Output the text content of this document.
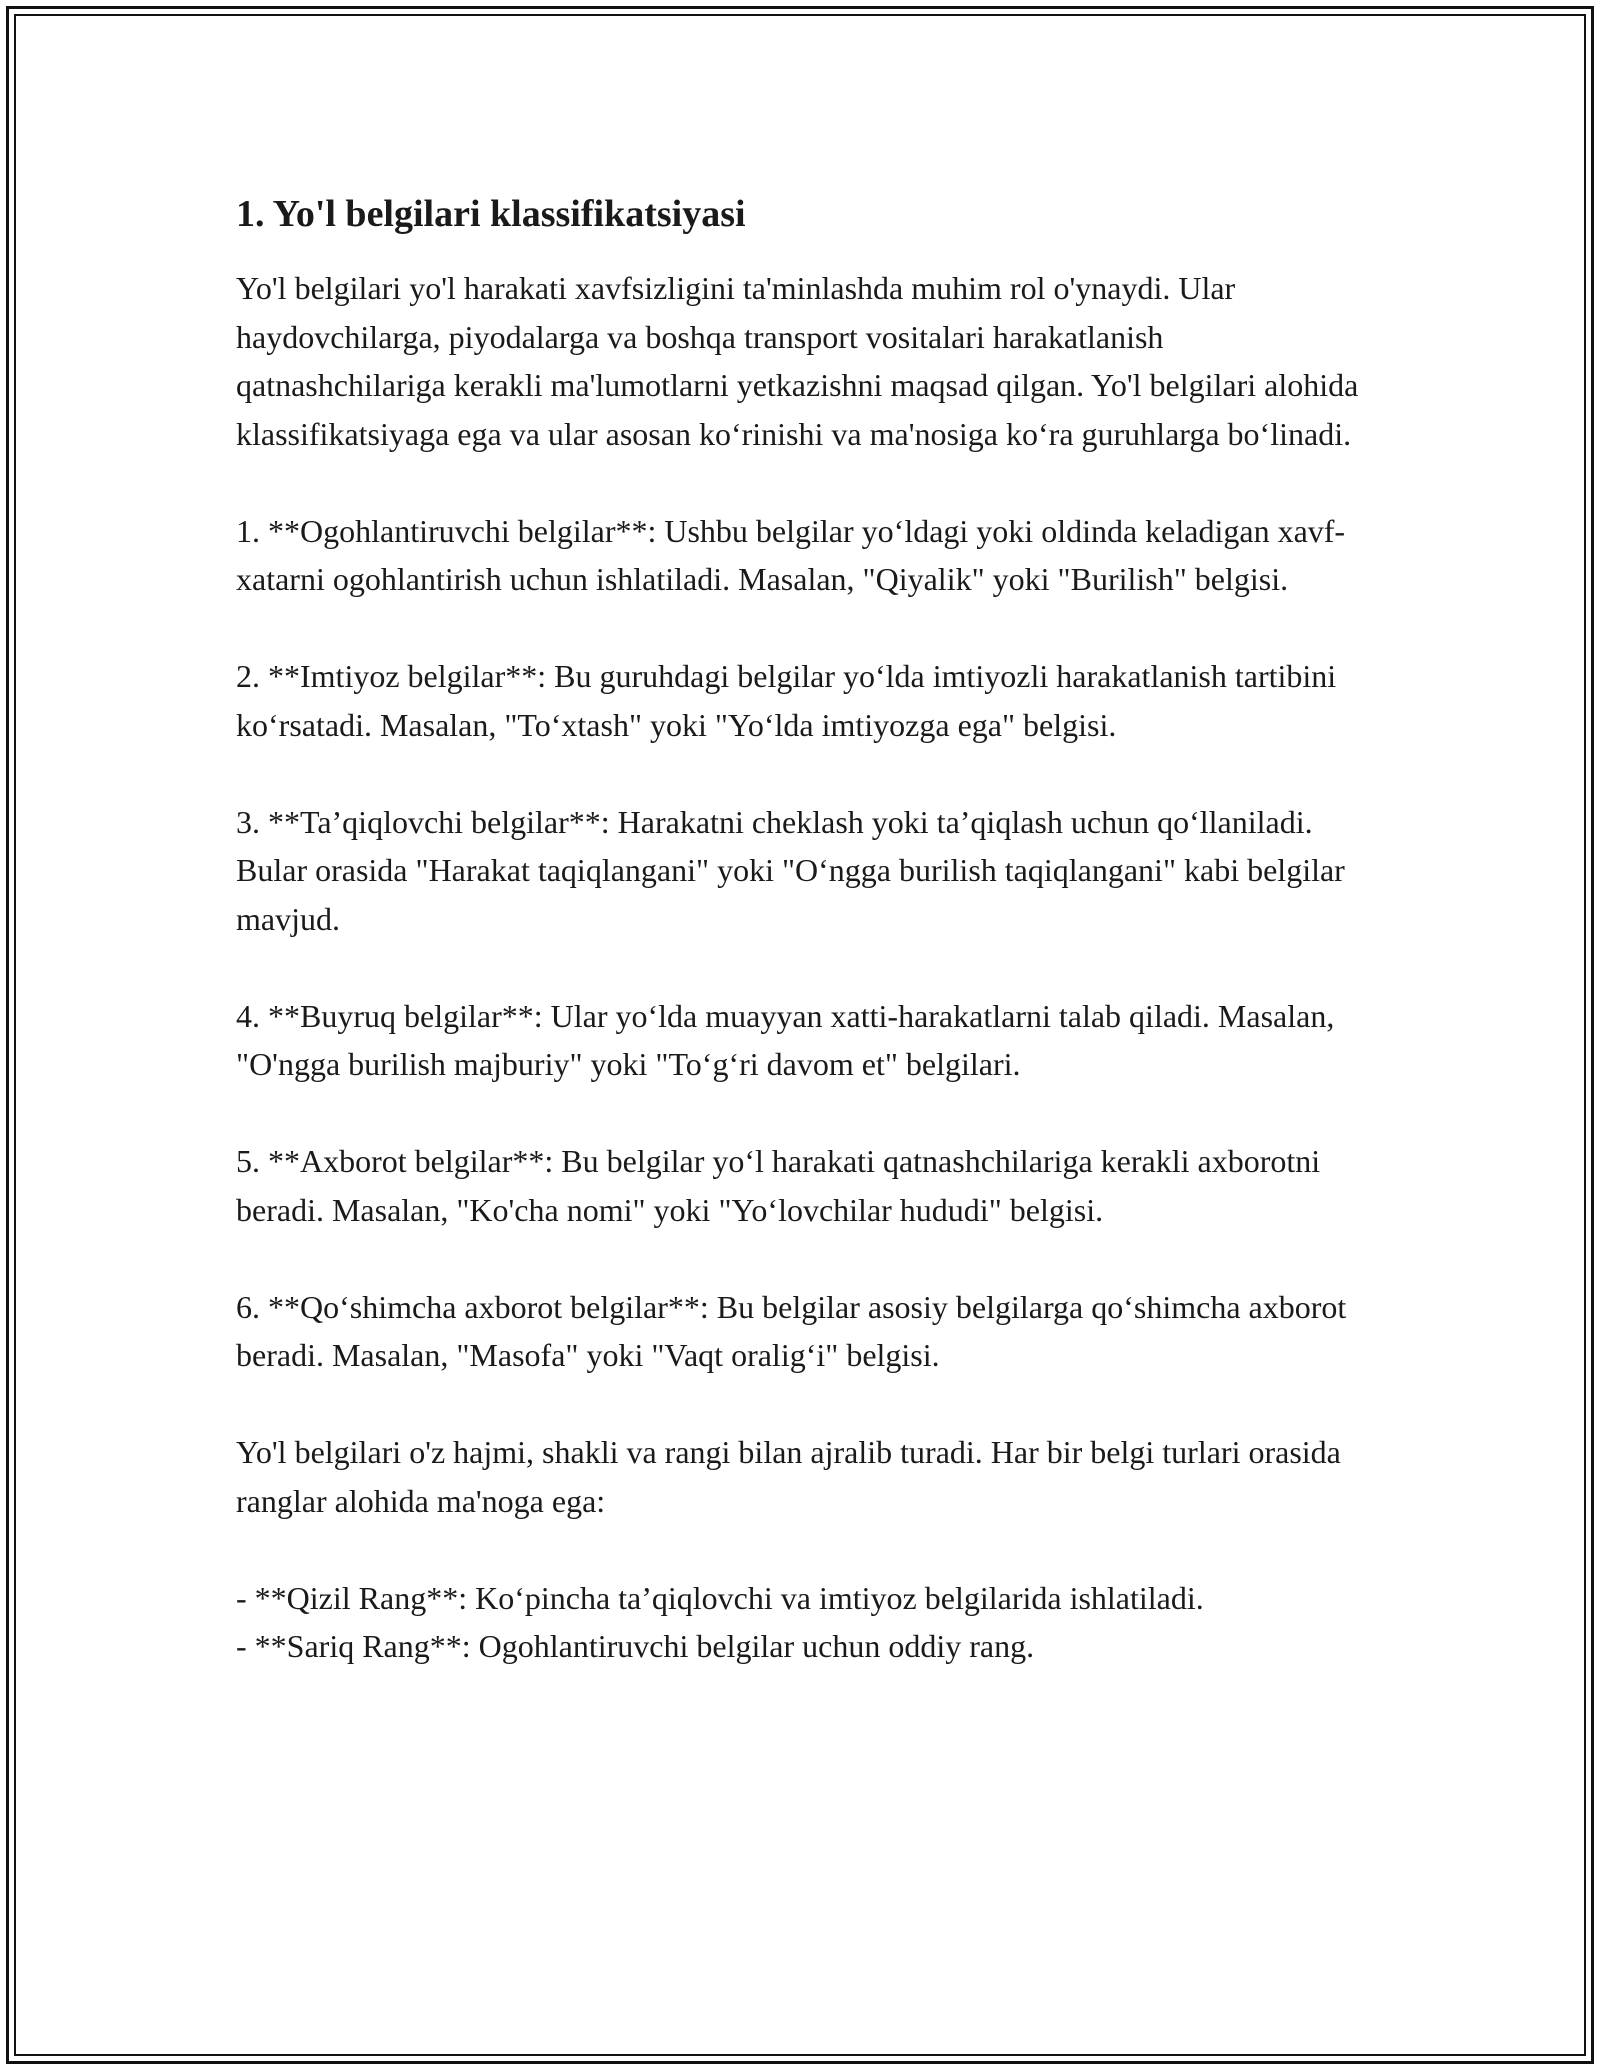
1. Yo'l belgilari klassifikatsiyasi

Yo'l belgilari yo'l harakati xavfsizligini ta'minlashda muhim rol o'ynaydi. Ular haydovchilarga, piyodalarga va boshqa transport vositalari harakatlanish qatnashchilariga kerakli ma'lumotlarni yetkazishni maqsad qilgan. Yo'l belgilari alohida klassifikatsiyaga ega va ular asosan ko‘rinishi va ma'nosiga ko‘ra guruhlarga bo‘linadi.

1. **Ogohlantiruvchi belgilar**: Ushbu belgilar yo‘ldagi yoki oldinda keladigan xavf-xatarni ogohlantirish uchun ishlatiladi. Masalan, "Qiyalik" yoki "Burilish" belgisi.

2. **Imtiyoz belgilar**: Bu guruhdagi belgilar yo‘lda imtiyozli harakatlanish tartibini ko‘rsatadi. Masalan, "To‘xtash" yoki "Yo‘lda imtiyozga ega" belgisi.

3. **Ta’qiqlovchi belgilar**: Harakatni cheklash yoki ta’qiqlash uchun qo‘llaniladi. Bular orasida "Harakat taqiqlangani" yoki "O‘ngga burilish taqiqlangani" kabi belgilar mavjud.

4. **Buyruq belgilar**: Ular yo‘lda muayyan xatti-harakatlarni talab qiladi. Masalan, "O'ngga burilish majburiy" yoki "To‘g‘ri davom et" belgilari.

5. **Axborot belgilar**: Bu belgilar yo‘l harakati qatnashchilariga kerakli axborotni beradi. Masalan, "Ko'cha nomi" yoki "Yo‘lovchilar hududi" belgisi.

6. **Qo‘shimcha axborot belgilar**: Bu belgilar asosiy belgilarga qo‘shimcha axborot beradi. Masalan, "Masofa" yoki "Vaqt oralig‘i" belgisi.

Yo'l belgilari o'z hajmi, shakli va rangi bilan ajralib turadi. Har bir belgi turlari orasida ranglar alohida ma'noga ega:

- **Qizil Rang**: Ko‘pincha ta’qiqlovchi va imtiyoz belgilarida ishlatiladi.

- **Sariq Rang**: Ogohlantiruvchi belgilar uchun oddiy rang.
